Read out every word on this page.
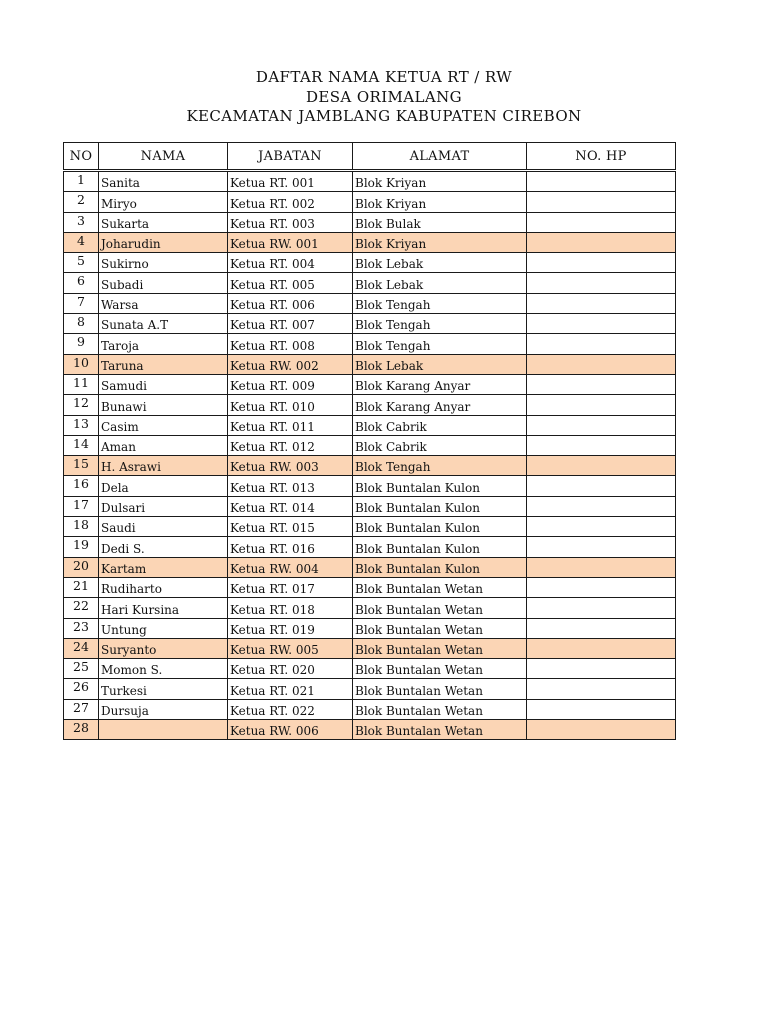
DAFTAR NAMA KETUA RT / RW
DESA ORIMALANG
KECAMATAN JAMBLANG KABUPATEN CIREBON
NO	NAMA	JABATAN	ALAMAT	NO. HP
1	Sanita	Ketua RT. 001	Blok Kriyan	
2	Miryo	Ketua RT. 002	Blok Kriyan	
3	Sukarta	Ketua RT. 003	Blok Bulak	
4	Joharudin	Ketua RW. 001	Blok Kriyan	
5	Sukirno	Ketua RT. 004	Blok Lebak	
6	Subadi	Ketua RT. 005	Blok Lebak	
7	Warsa	Ketua RT. 006	Blok Tengah	
8	Sunata A.T	Ketua RT. 007	Blok Tengah	
9	Taroja	Ketua RT. 008	Blok Tengah	
10	Taruna	Ketua RW. 002	Blok Lebak	
11	Samudi	Ketua RT. 009	Blok Karang Anyar	
12	Bunawi	Ketua RT. 010	Blok Karang Anyar	
13	Casim	Ketua RT. 011	Blok Cabrik	
14	Aman	Ketua RT. 012	Blok Cabrik	
15	H. Asrawi	Ketua RW. 003	Blok Tengah	
16	Dela	Ketua RT. 013	Blok Buntalan Kulon	
17	Dulsari	Ketua RT. 014	Blok Buntalan Kulon	
18	Saudi	Ketua RT. 015	Blok Buntalan Kulon	
19	Dedi S.	Ketua RT. 016	Blok Buntalan Kulon	
20	Kartam	Ketua RW. 004	Blok Buntalan Kulon	
21	Rudiharto	Ketua RT. 017	Blok Buntalan Wetan	
22	Hari Kursina	Ketua RT. 018	Blok Buntalan Wetan	
23	Untung	Ketua RT. 019	Blok Buntalan Wetan	
24	Suryanto	Ketua RW. 005	Blok Buntalan Wetan	
25	Momon S.	Ketua RT. 020	Blok Buntalan Wetan	
26	Turkesi	Ketua RT. 021	Blok Buntalan Wetan	
27	Dursuja	Ketua RT. 022	Blok Buntalan Wetan	
28		Ketua RW. 006	Blok Buntalan Wetan	
